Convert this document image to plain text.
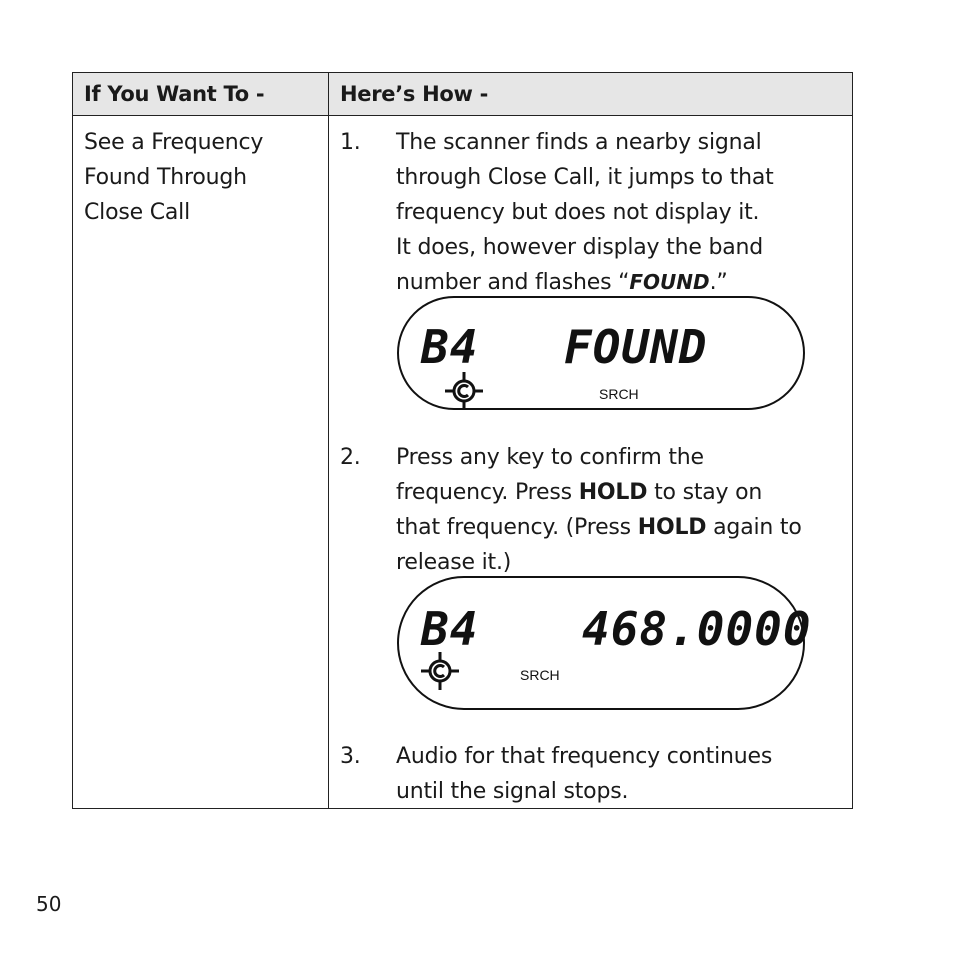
If You Want To -	Here’s How -
See a Frequency
Found Through
Close Call
1. The scanner finds a nearby signal
through Close Call, it jumps to that
frequency but does not display it.
It does, however display the band
number and flashes “FOUND.”
B4 FOUND
SRCH
2. Press any key to confirm the
frequency. Press HOLD to stay on
that frequency. (Press HOLD again to
release it.)
B4 468.0000
SRCH
3. Audio for that frequency continues
until the signal stops.
50
